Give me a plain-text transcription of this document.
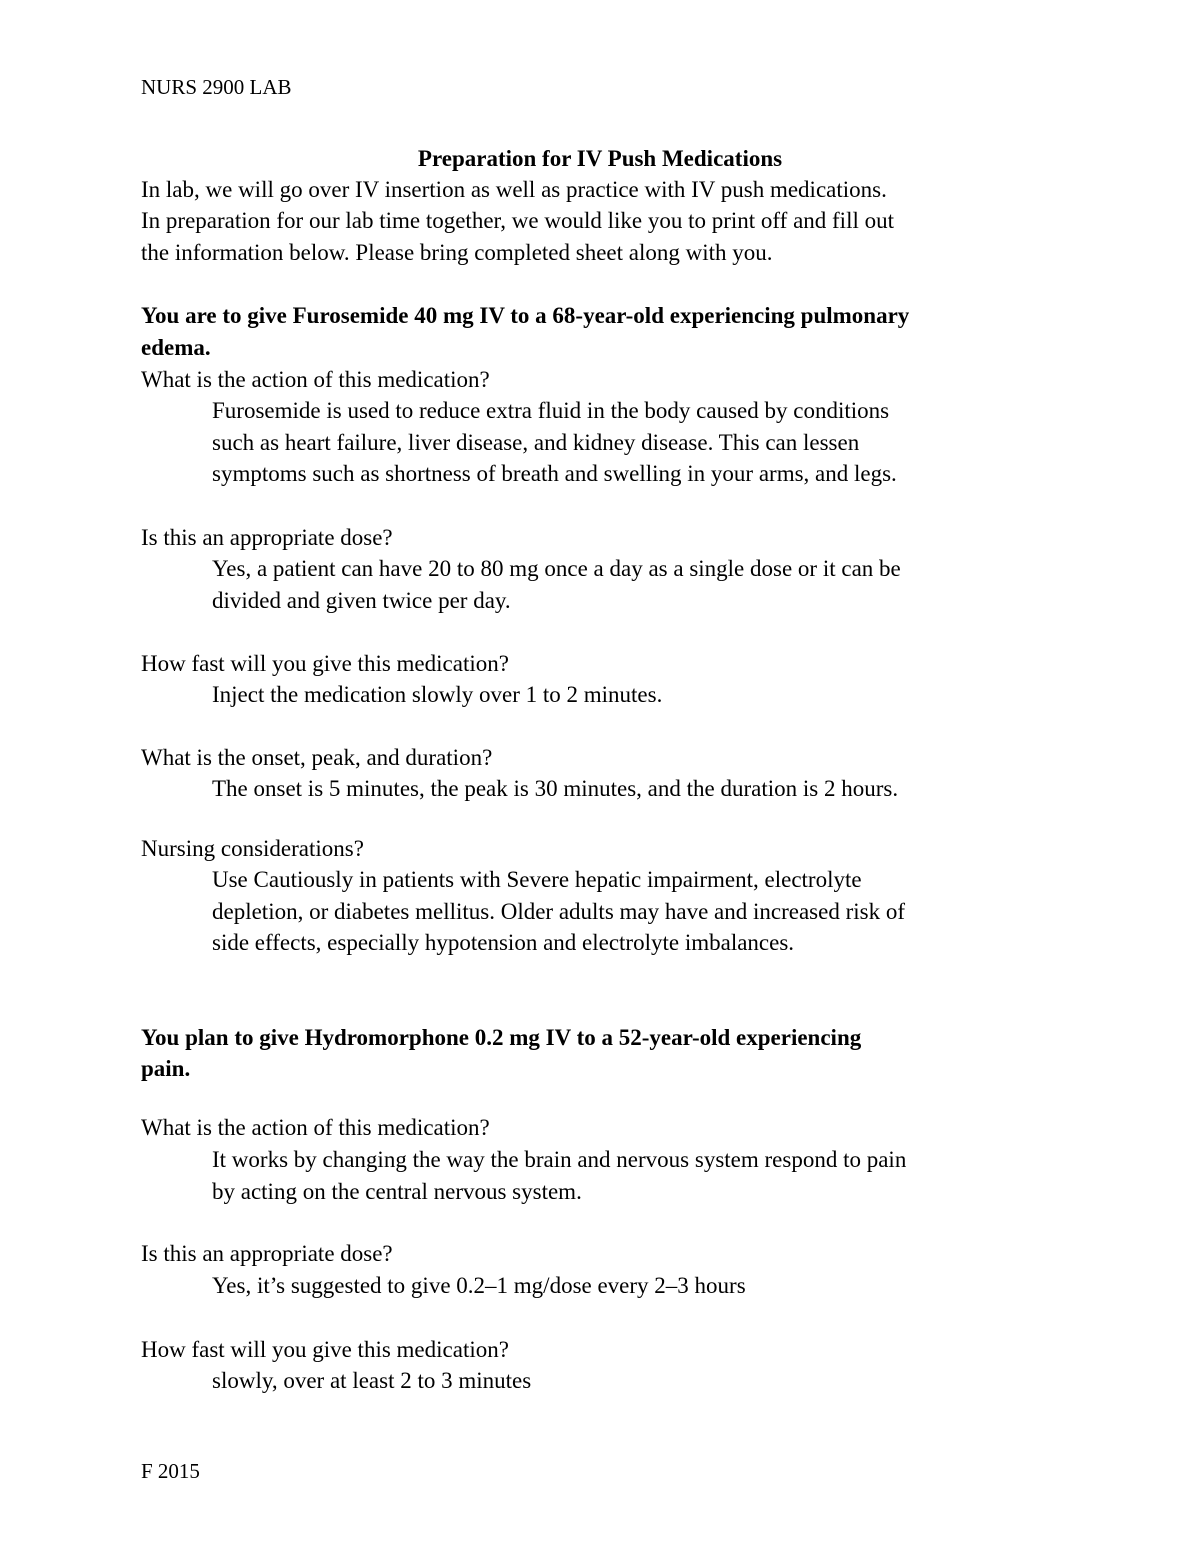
NURS 2900 LAB

Preparation for IV Push Medications

In lab, we will go over IV insertion as well as practice with IV push medications.

In preparation for our lab time together, we would like you to print off and fill out

the information below. Please bring completed sheet along with you.

You are to give Furosemide 40 mg IV to a 68-year-old experiencing pulmonary

edema.

What is the action of this medication?

Furosemide is used to reduce extra fluid in the body caused by conditions
such as heart failure, liver disease, and kidney disease. This can lessen
symptoms such as shortness of breath and swelling in your arms, and legs.

Is this an appropriate dose?

Yes, a patient can have 20 to 80 mg once a day as a single dose or it can be
divided and given twice per day.

How fast will you give this medication?

Inject the medication slowly over 1 to 2 minutes.

What is the onset, peak, and duration?

The onset is 5 minutes, the peak is 30 minutes, and the duration is 2 hours.

Nursing considerations?

Use Cautiously in patients with Severe hepatic impairment, electrolyte
depletion, or diabetes mellitus. Older adults may have and increased risk of
side effects, especially hypotension and electrolyte imbalances.

You plan to give Hydromorphone 0.2 mg IV to a 52-year-old experiencing

pain.

What is the action of this medication?

It works by changing the way the brain and nervous system respond to pain
by acting on the central nervous system.

Is this an appropriate dose?

Yes, it’s suggested to give 0.2–1 mg/dose every 2–3 hours

How fast will you give this medication?

slowly, over at least 2 to 3 minutes

F 2015
